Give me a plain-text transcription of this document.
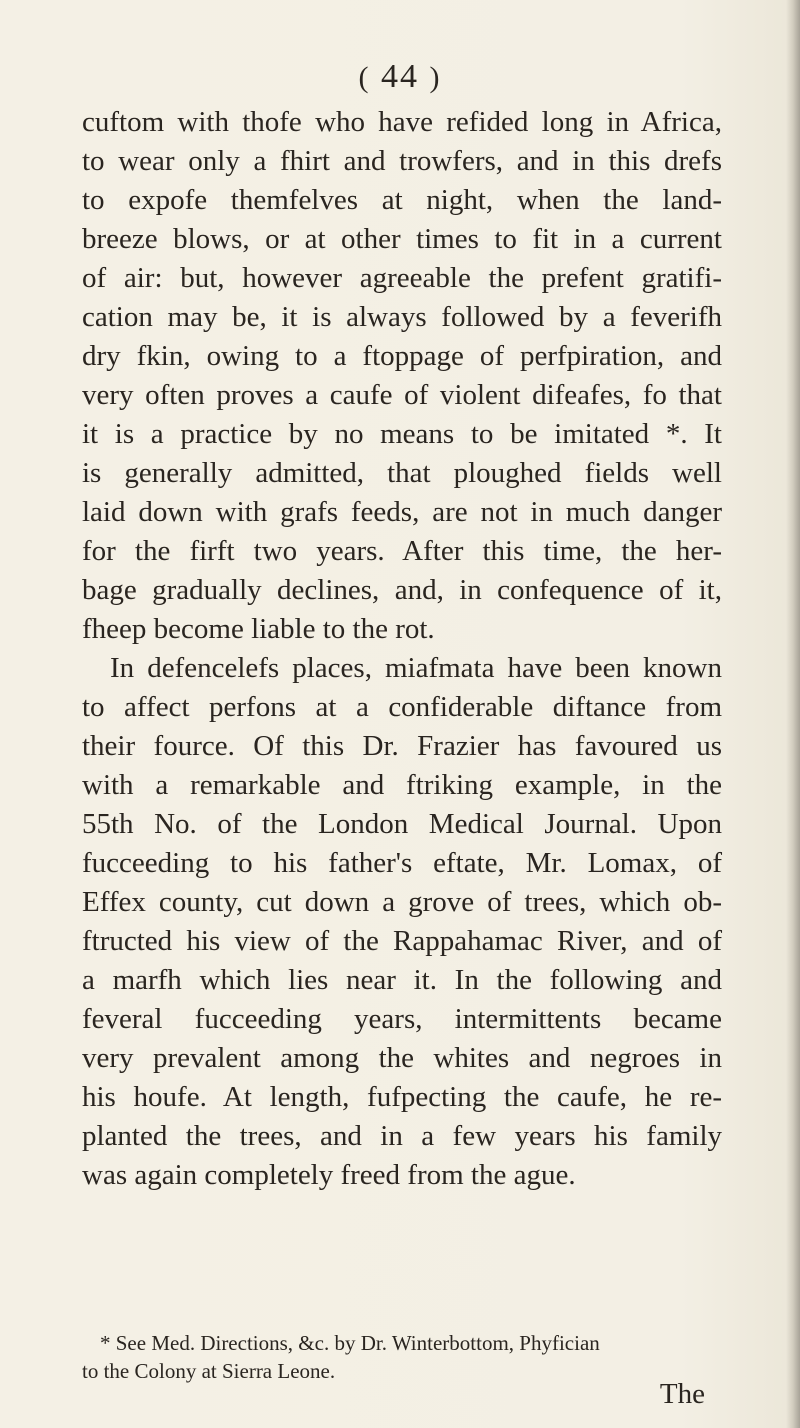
( 44 )
cuftom with thofe who have refided long in Africa,
to wear only a fhirt and trowfers, and in this drefs
to expofe themfelves at night, when the land-
breeze blows, or at other times to fit in a current
of air: but, however agreeable the prefent gratifi-
cation may be, it is always followed by a feverifh
dry fkin, owing to a ftoppage of perfpiration, and
very often proves a caufe of violent difeafes, fo that
it is a practice by no means to be imitated *. It
is generally admitted, that ploughed fields well
laid down with grafs feeds, are not in much danger
for the firft two years. After this time, the her-
bage gradually declines, and, in confequence of it,
fheep become liable to the rot.
In defencelefs places, miafmata have been known
to affect perfons at a confiderable diftance from
their fource. Of this Dr. Frazier has favoured us
with a remarkable and ftriking example, in the
55th No. of the London Medical Journal. Upon
fucceeding to his father's eftate, Mr. Lomax, of
Effex county, cut down a grove of trees, which ob-
ftructed his view of the Rappahamac River, and of
a marfh which lies near it. In the following and
feveral fucceeding years, intermittents became
very prevalent among the whites and negroes in
his houfe. At length, fufpecting the caufe, he re-
planted the trees, and in a few years his family
was again completely freed from the ague.
* See Med. Directions, &c. by Dr. Winterbottom, Phyfician
to the Colony at Sierra Leone.
The
